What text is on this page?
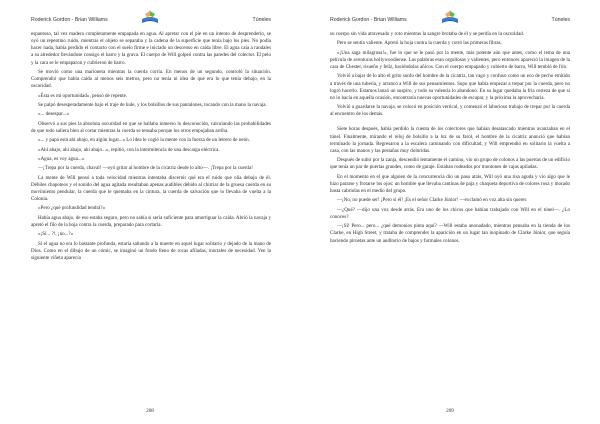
Roderick Gordon - Brian Williams	Túneles

espantoso, tal vez madera completamente empapada en agua. Al apretar con el pie en un intento de desprenderlo, se oyó un repentino ruido, mientras el objeto se separaba y la cadena de la superficie que tenía bajo los pies. No podía hacer nada, había perdido el contacto con el suelo firme e iniciado un descenso en caída libre. El agua caía a raudales a su alrededor llevándose consigo el barro y la grava. El cuerpo de Will golpeó contra las paredes del colector. El pelo y la cara se le empaparon y cubrieron de barro.

Se movió como una marioneta mientras la cuerda corría. En menos de un segundo, controló la situación. Comprendió que había caído al menos seis metros, pero no tenía ni idea de qué era lo que tenía debajo, en la oscuridad.

«Ésta es mi oportunidad», pensó de repente.

Se palpó desesperadamente bajo el traje de hule, y los bolsillos de sus pantalones, tocando con la mano la navaja.

«... desespar...»

Observó a sus pies la absoluta oscuridad en que se hallaba inmerso lo desconocido, calculando las probabilidades de que todo saliera bien al cortar mientras la cuerda se tensaba porque los otros empujaban arriba.

«... y papá está ahí abajo, en algún lugar...» Lo idea le cogió la mente con la fuerza de un letrero de neón.

«Ahí abajo, ahí abajo, ahí abajo...», repitió, con la intermitencia de una descarga eléctrica.

«Agua, es voy agua...»

—¡Trepa por la cuerda, chaval! —oyó gritar al hombre de la cicatriz desde lo alto—. ¡Trepa por la cuerda!

La mente de Will pensó a toda velocidad mientras intentaba discernir qué era el ruido que olía debajo de él. Débiles chapoteos y el sonido del agua agitada resultaban apenas audibles debido al chirriar de la gruesa cuerda en su movimiento pendular, la cuerda que le quemaba en la cintura, la cuerda de salvación que lo llevaba de vuelta a la Colonia.

«Pero ¿qué profundidad tendrá?»

Había agua abajo, de eso estaba seguro, pero no sabía si sería suficiente para amortiguar la caída. Abrió la navaja y apretó el filo de la hoja contra la cuerda, preparado para cortarla.

«¡Sí... ?!, ¡no...?»

Si el agua no era lo bastante profunda, estaría saltando a la muerte en aquel lugar solitario y dejado de la mano de Dios. Como en el dibujo de un cómic, se imaginó un fondo lleno de rocas afiladas, mortales de necesidad. Yen la siguiente viñeta aparecía

208
Roderick Gordon - Brian Williams	Túneles

su cuerpo sin vida atravesado y roto mientras la sangre brotaba de él y se perdía en la oscuridad.

Pero se sentía valiente. Apretó la hoja contra la cuerda y cortó las primeras fibras.

«¡Una saga milagrosa!», fue lo que se le pasó por la mente, más potente aún que antes, como el tema de una película de aventuras hollywoodiense. Las palabras eran orgullosas y valientes, pero entonces apareció la imagen de la cara de Chester, risueño y feliz, haciéndolas añicos. Con el cuerpo empapado y cubierto de barro, Will tembló de frío.

Volvió a bajar de lo alto el grito sordo del hombre de la cicatriz, tan vago y confuso como un eco de pecho emitido a través de una tubería, y arrancó a Will de sus pensamientos. Supo que había empezar a trepar por la cuerda, pero no logró hacerlo. Estamos lanzó un suspiro, y todo su valentía lo abandonó. En su lugar quedaba la fría certeza de que si no lo hacía en aquella ocasión, encontraría nuevas oportunidades de escapar, y la próxima la aprovecharía.

Volvió a guardarse la navaja, se colocó en posición vertical, y comenzó el laborioso trabajo de trepar por la cuerda al encuentro de los demás.

Siete horas después, había perdido la cuenta de los colectores que habían desatascado mientras avanzaban en el túnel. Finalmente, mirando el reloj de bolsillo a la luz de su farol, el hombre de la cicatriz anunció que habían terminado la jornada. Regresaron a la escalera caminando con dificultad, y Will emprendió en solitario la vuelta a casa, con las manos y las pestañas muy doloridas.

Después de subir por la zanja, descendió lentamente el camino, vio un grupo de colonos a las puertas de un edificio que tenía un par de puertas grandes, como de garaje. Estaban rodeados por montones de cajas apiladas.

En el momento en el que alguien de la concurrencia dio un paso atrás, Will oyó una risa aguda y vio algo que le hizo pararse y frotarse los ojos: un hombre que llevaba cantinas de paja y chaqueta deportiva de colores rosa y morado hasta cabriolas en el medio del grupo.

—¡No, no puede ser! ¡Pero si él! ¡Es el señor Clarke Júnior! —exclamó en voz alta sin querer.

—¿Qué? —dijo una voz desde atrás. Era uno de los chicos que habían trabajado con Will en el túnel—. ¿Lo conoces?

—¡Sí! Pero... pero... ¿qué demonios pinta aquí? —Will estaba anonadado, mientras pensaba en la tienda de los Clarke, en High Street, y trataba de comprender la aparición en un lugar tan inopinado de Clarke Júnior, que seguía haciendo piruetas ante un auditorio de bajos y formales colonos.

209
